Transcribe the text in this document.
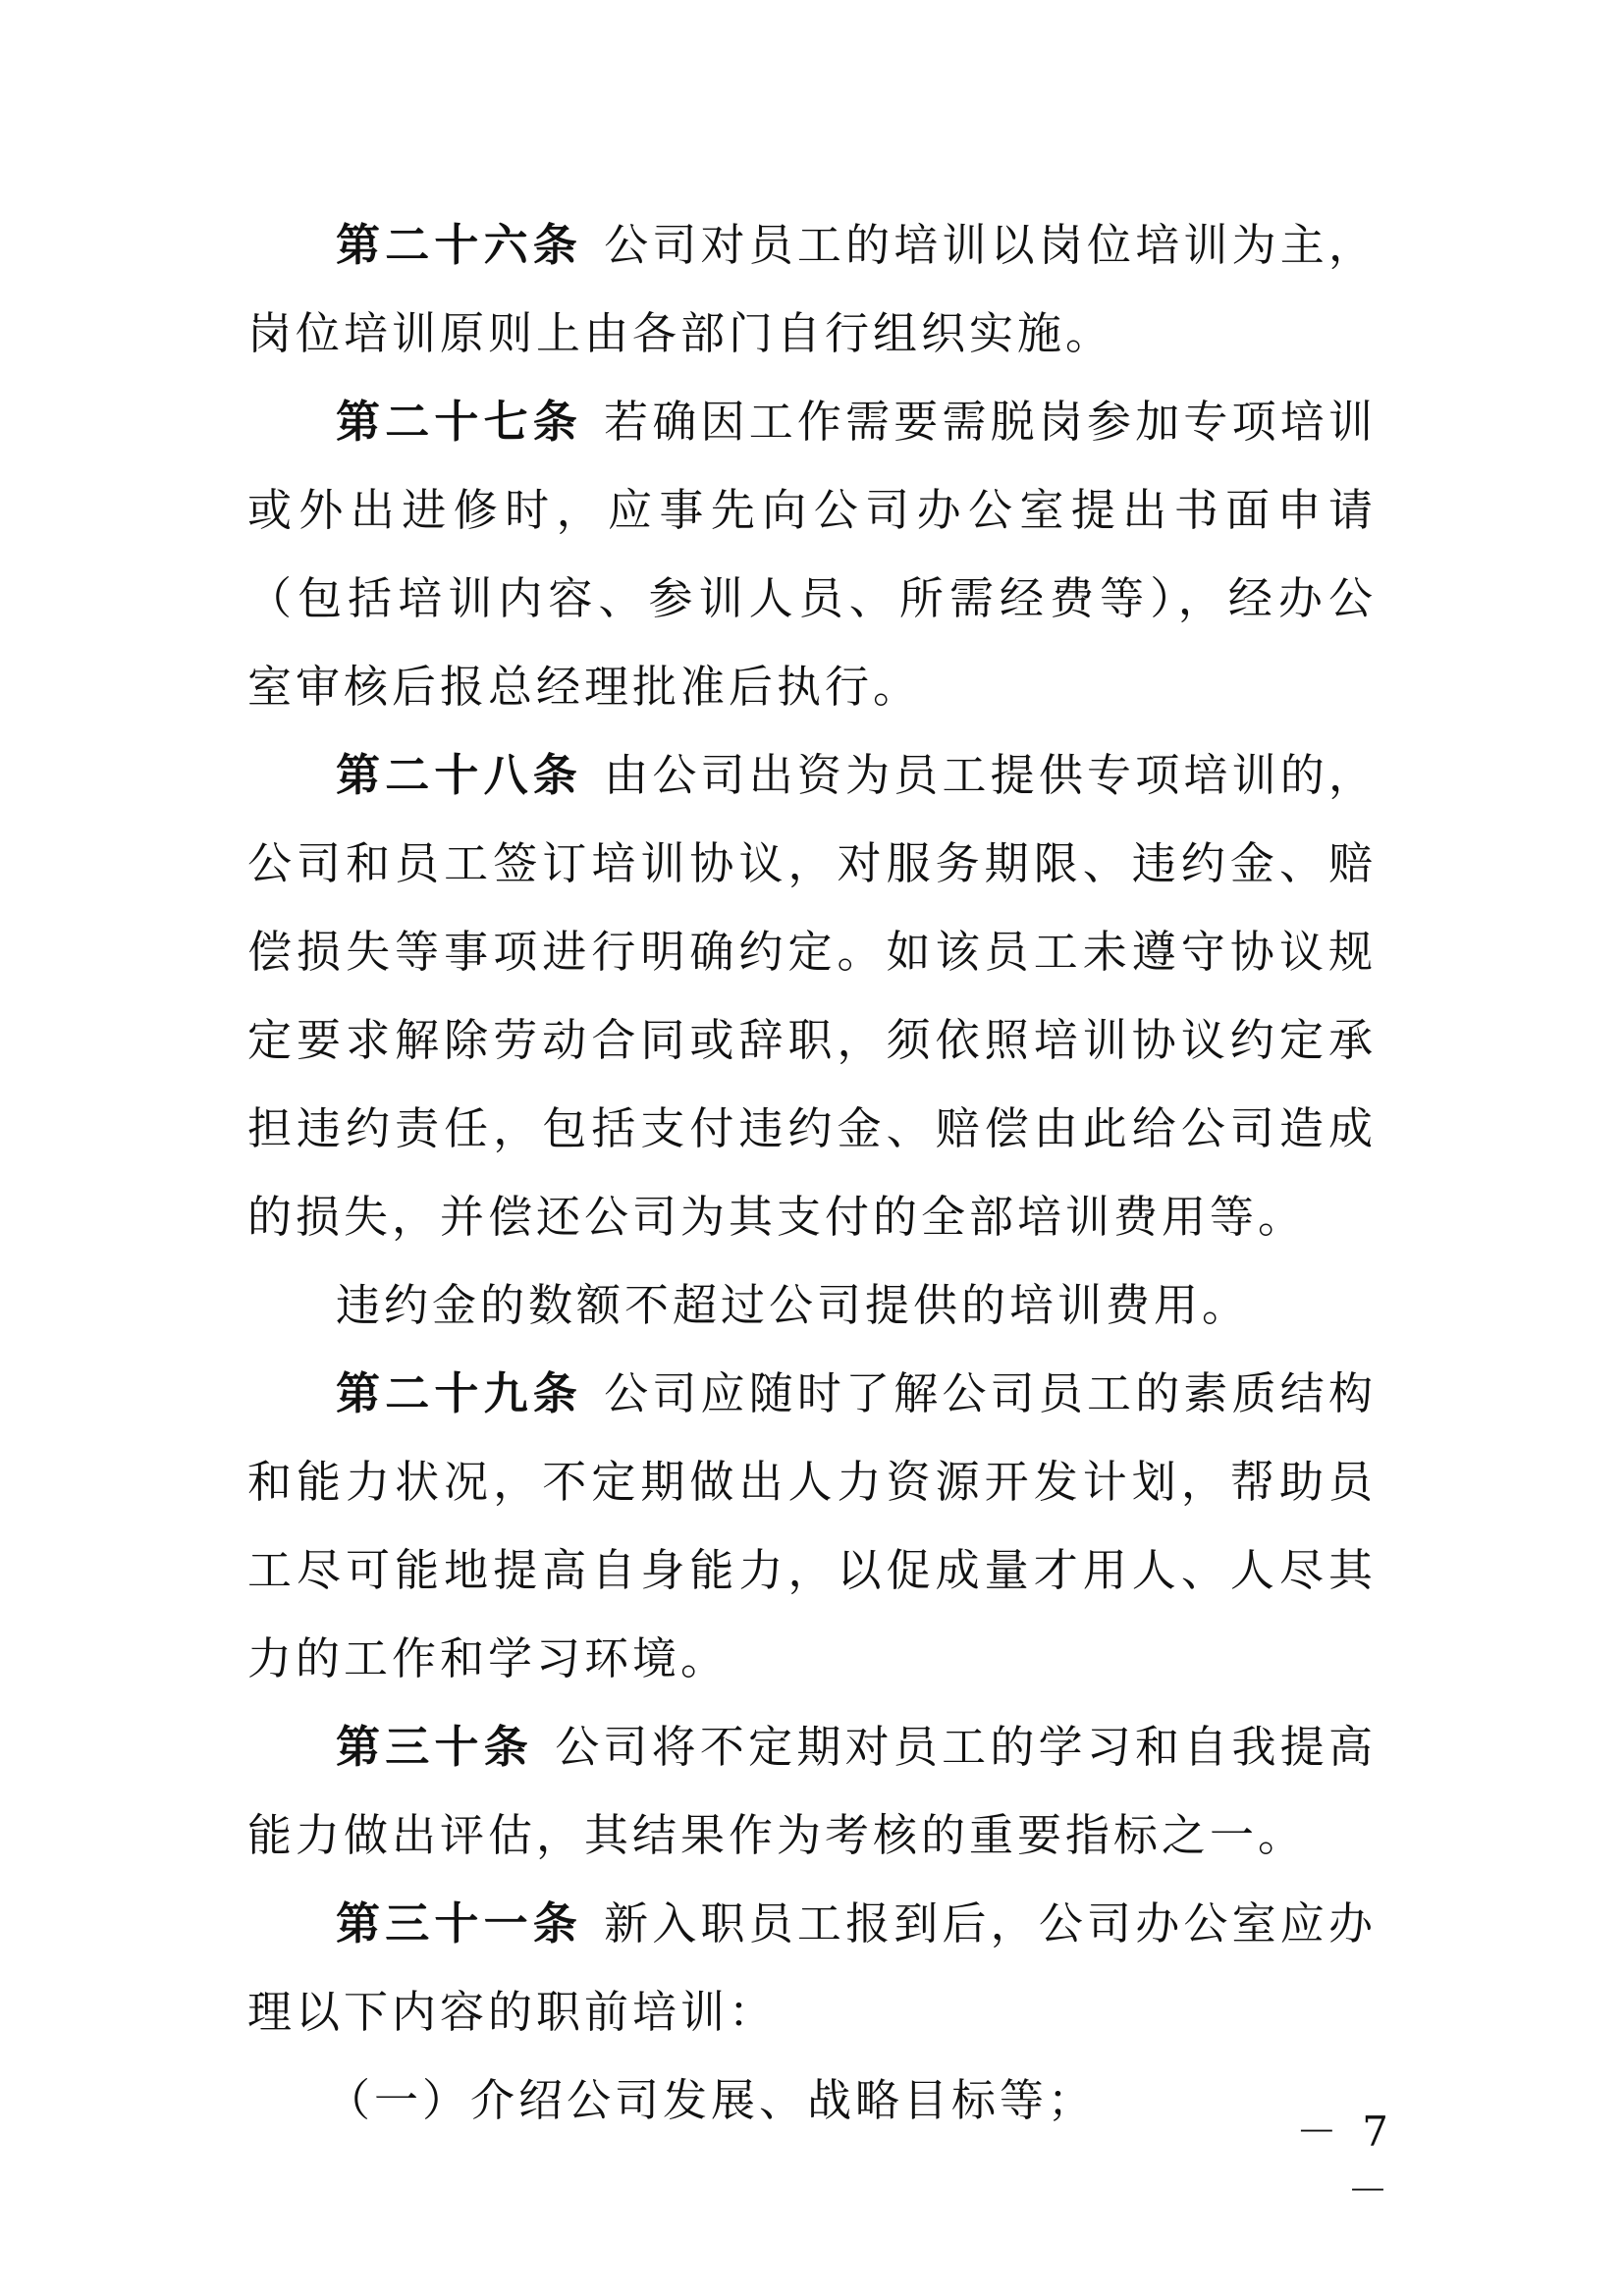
第二十六条 公司对员工的培训以岗位培训为主，岗位培训原则上由各部门自行组织实施。

第二十七条 若确因工作需要需脱岗参加专项培训或外出进修时，应事先向公司办公室提出书面申请（包括培训内容、参训人员、所需经费等），经办公室审核后报总经理批准后执行。

第二十八条 由公司出资为员工提供专项培训的，公司和员工签订培训协议，对服务期限、违约金、赔偿损失等事项进行明确约定。如该员工未遵守协议规定要求解除劳动合同或辞职，须依照培训协议约定承担违约责任，包括支付违约金、赔偿由此给公司造成的损失，并偿还公司为其支付的全部培训费用等。

违约金的数额不超过公司提供的培训费用。

第二十九条 公司应随时了解公司员工的素质结构和能力状况，不定期做出人力资源开发计划，帮助员工尽可能地提高自身能力，以促成量才用人、人尽其力的工作和学习环境。

第三十条 公司将不定期对员工的学习和自我提高能力做出评估，其结果作为考核的重要指标之一。

第三十一条 新入职员工报到后，公司办公室应办理以下内容的职前培训：

（一）介绍公司发展、战略目标等；

－ 7 －
